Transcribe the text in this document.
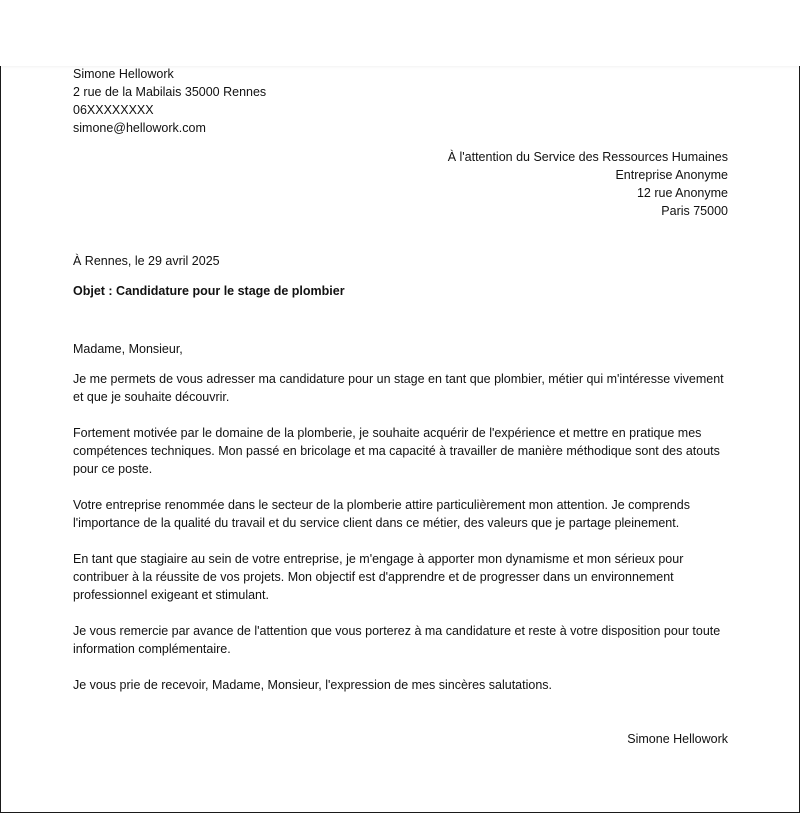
Simone Hellowork
2 rue de la Mabilais 35000 Rennes
06XXXXXXXX
simone@hellowork.com
À l'attention du Service des Ressources Humaines
Entreprise Anonyme
12 rue Anonyme
Paris 75000
À Rennes, le 29 avril 2025
Objet : Candidature pour le stage de plombier
Madame, Monsieur,

Je me permets de vous adresser ma candidature pour un stage en tant que plombier, métier qui m'intéresse vivement et que je souhaite découvrir.

Fortement motivée par le domaine de la plomberie, je souhaite acquérir de l'expérience et mettre en pratique mes compétences techniques. Mon passé en bricolage et ma capacité à travailler de manière méthodique sont des atouts pour ce poste.

Votre entreprise renommée dans le secteur de la plomberie attire particulièrement mon attention. Je comprends l'importance de la qualité du travail et du service client dans ce métier, des valeurs que je partage pleinement.

En tant que stagiaire au sein de votre entreprise, je m'engage à apporter mon dynamisme et mon sérieux pour contribuer à la réussite de vos projets. Mon objectif est d'apprendre et de progresser dans un environnement professionnel exigeant et stimulant.

Je vous remercie par avance de l'attention que vous porterez à ma candidature et reste à votre disposition pour toute information complémentaire.

Je vous prie de recevoir, Madame, Monsieur, l'expression de mes sincères salutations.

Simone Hellowork
